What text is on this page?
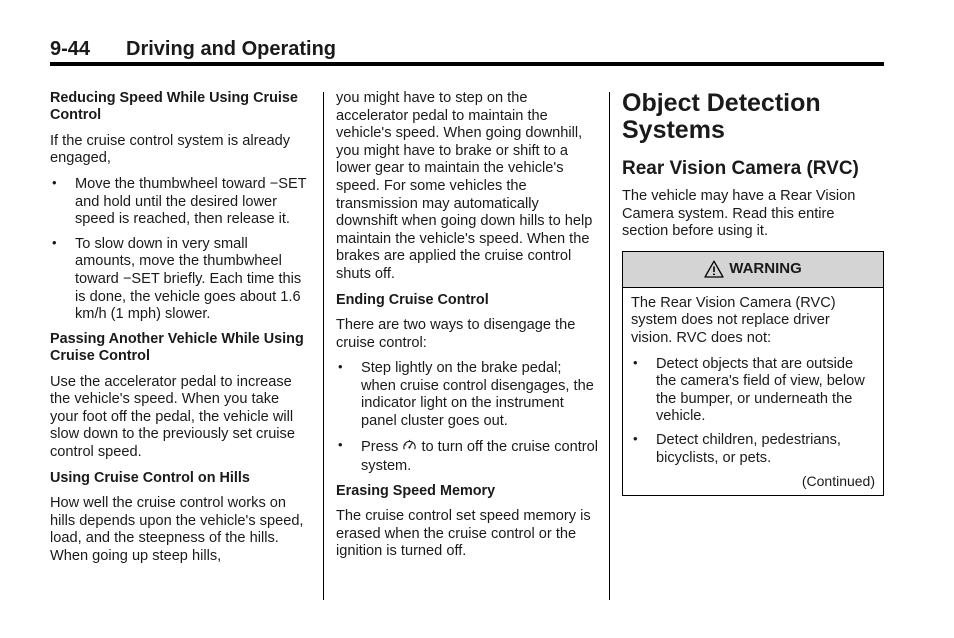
9-44 Driving and Operating
Reducing Speed While Using Cruise Control

If the cruise control system is already engaged,

• Move the thumbwheel toward −SET and hold until the desired lower speed is reached, then release it.
• To slow down in very small amounts, move the thumbwheel toward −SET briefly. Each time this is done, the vehicle goes about 1.6 km/h (1 mph) slower.
Passing Another Vehicle While Using Cruise Control

Use the accelerator pedal to increase the vehicle's speed. When you take your foot off the pedal, the vehicle will slow down to the previously set cruise control speed.

Using Cruise Control on Hills

How well the cruise control works on hills depends upon the vehicle's speed, load, and the steepness of the hills. When going up steep hills,

you might have to step on the accelerator pedal to maintain the vehicle's speed. When going downhill, you might have to brake or shift to a lower gear to maintain the vehicle's speed. For some vehicles the transmission may automatically downshift when going down hills to help maintain the vehicle's speed. When the brakes are applied the cruise control shuts off.

Ending Cruise Control

There are two ways to disengage the cruise control:

• Step lightly on the brake pedal; when cruise control disengages, the indicator light on the instrument panel cluster goes out.
• Press to turn off the cruise control system.
Erasing Speed Memory

The cruise control set speed memory is erased when the cruise control or the ignition is turned off.

Object Detection Systems
Rear Vision Camera (RVC)

The vehicle may have a Rear Vision Camera system. Read this entire section before using it.

WARNING

The Rear Vision Camera (RVC) system does not replace driver vision. RVC does not:

• Detect objects that are outside the camera's field of view, below the bumper, or underneath the vehicle.
• Detect children, pedestrians, bicyclists, or pets.
(Continued)
